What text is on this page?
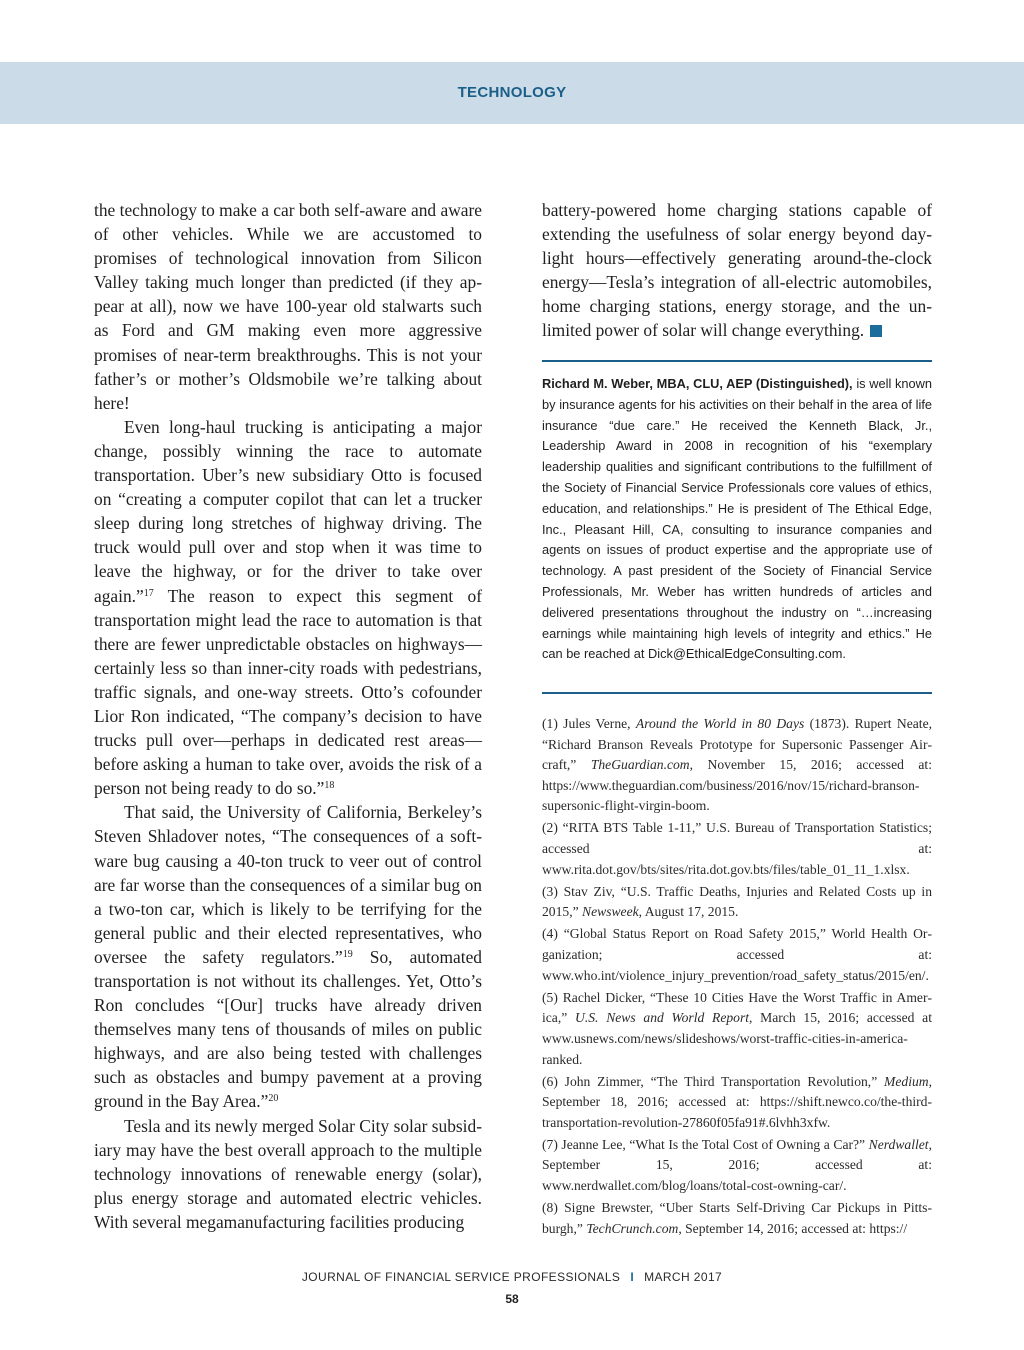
TECHNOLOGY

the technology to make a car both self-aware and aware of other vehicles. While we are accustomed to promises of technological innovation from Silicon Valley taking much longer than predicted (if they appear at all), now we have 100-year old stalwarts such as Ford and GM making even more aggressive promises of near-term breakthroughs. This is not your father’s or mother’s Oldsmobile we’re talking about here!

Even long-haul trucking is anticipating a major change, possibly winning the race to automate transportation. Uber’s new subsidiary Otto is focused on “creating a computer copilot that can let a trucker sleep during long stretches of highway driving. The truck would pull over and stop when it was time to leave the highway, or for the driver to take over again.”$^{17}$ The reason to expect this segment of transportation might lead the race to automation is that there are fewer unpredictable obstacles on highways—certainly less so than inner-city roads with pedestrians, traffic signals, and one-way streets. Otto’s cofounder Lior Ron indicated, “The company’s decision to have trucks pull over—perhaps in dedicated rest areas—before asking a human to take over, avoids the risk of a person not being ready to do so.”$^{18}$

That said, the University of California, Berkeley’s Steven Shladover notes, “The consequences of a software bug causing a 40-ton truck to veer out of control are far worse than the consequences of a similar bug on a two-ton car, which is likely to be terrifying for the general public and their elected representatives, who oversee the safety regulators.”$^{19}$ So, automated transportation is not without its challenges. Yet, Otto’s Ron concludes “[Our] trucks have already driven themselves many tens of thousands of miles on public highways, and are also being tested with challenges such as obstacles and bumpy pavement at a proving ground in the Bay Area.”$^{20}$

Tesla and its newly merged Solar City solar subsidiary may have the best overall approach to the multiple technology innovations of renewable energy (solar), plus energy storage and automated electric vehicles. With several megamanufacturing facilities producing

battery-powered home charging stations capable of extending the usefulness of solar energy beyond daylight hours—effectively generating around-the-clock energy—Tesla’s integration of all-electric automobiles, home charging stations, energy storage, and the unlimited power of solar will change everything.

Richard M. Weber, MBA, CLU, AEP (Distinguished), is well known by insurance agents for his activities on their behalf in the area of life insurance “due care.” He received the Kenneth Black, Jr., Leadership Award in 2008 in recognition of his “exemplary leadership qualities and significant contributions to the fulfillment of the Society of Financial Service Professionals core values of ethics, education, and relationships.” He is president of The Ethical Edge, Inc., Pleasant Hill, CA, consulting to insurance companies and agents on issues of product expertise and the appropriate use of technology. A past president of the Society of Financial Service Professionals, Mr. Weber has written hundreds of articles and delivered presentations throughout the industry on “…increasing earnings while maintaining high levels of integrity and ethics.” He can be reached at Dick@EthicalEdgeConsulting.com.

(1) Jules Verne, Around the World in 80 Days (1873). Rupert Neate, “Richard Branson Reveals Prototype for Supersonic Passenger Aircraft,” TheGuardian.com, November 15, 2016; accessed at: https://www.theguardian.com/business/2016/nov/15/richard-branson-supersonic-flight-virgin-boom.

(2) “RITA BTS Table 1-11,” U.S. Bureau of Transportation Statistics; accessed at: www.rita.dot.gov/bts/sites/rita.dot.gov.bts/files/table_01_11_1.xlsx.

(3) Stav Ziv, “U.S. Traffic Deaths, Injuries and Related Costs up in 2015,” Newsweek, August 17, 2015.

(4) “Global Status Report on Road Safety 2015,” World Health Organization; accessed at: www.who.int/violence_injury_prevention/road_safety_status/2015/en/.

(5) Rachel Dicker, “These 10 Cities Have the Worst Traffic in America,” U.S. News and World Report, March 15, 2016; accessed at www.usnews.com/news/slideshows/worst-traffic-cities-in-america-ranked.

(6) John Zimmer, “The Third Transportation Revolution,” Medium, September 18, 2016; accessed at: https://shift.newco.co/the-third-transportation-revolution-27860f05fa91#.6lvhh3xfw.

(7) Jeanne Lee, “What Is the Total Cost of Owning a Car?” Nerdwallet, September 15, 2016; accessed at: www.nerdwallet.com/blog/loans/total-cost-owning-car/.

(8) Signe Brewster, “Uber Starts Self-Driving Car Pickups in Pittsburgh,” TechCrunch.com, September 14, 2016; accessed at: https://

JOURNAL OF FINANCIAL SERVICE PROFESSIONALS I MARCH 2017
58
